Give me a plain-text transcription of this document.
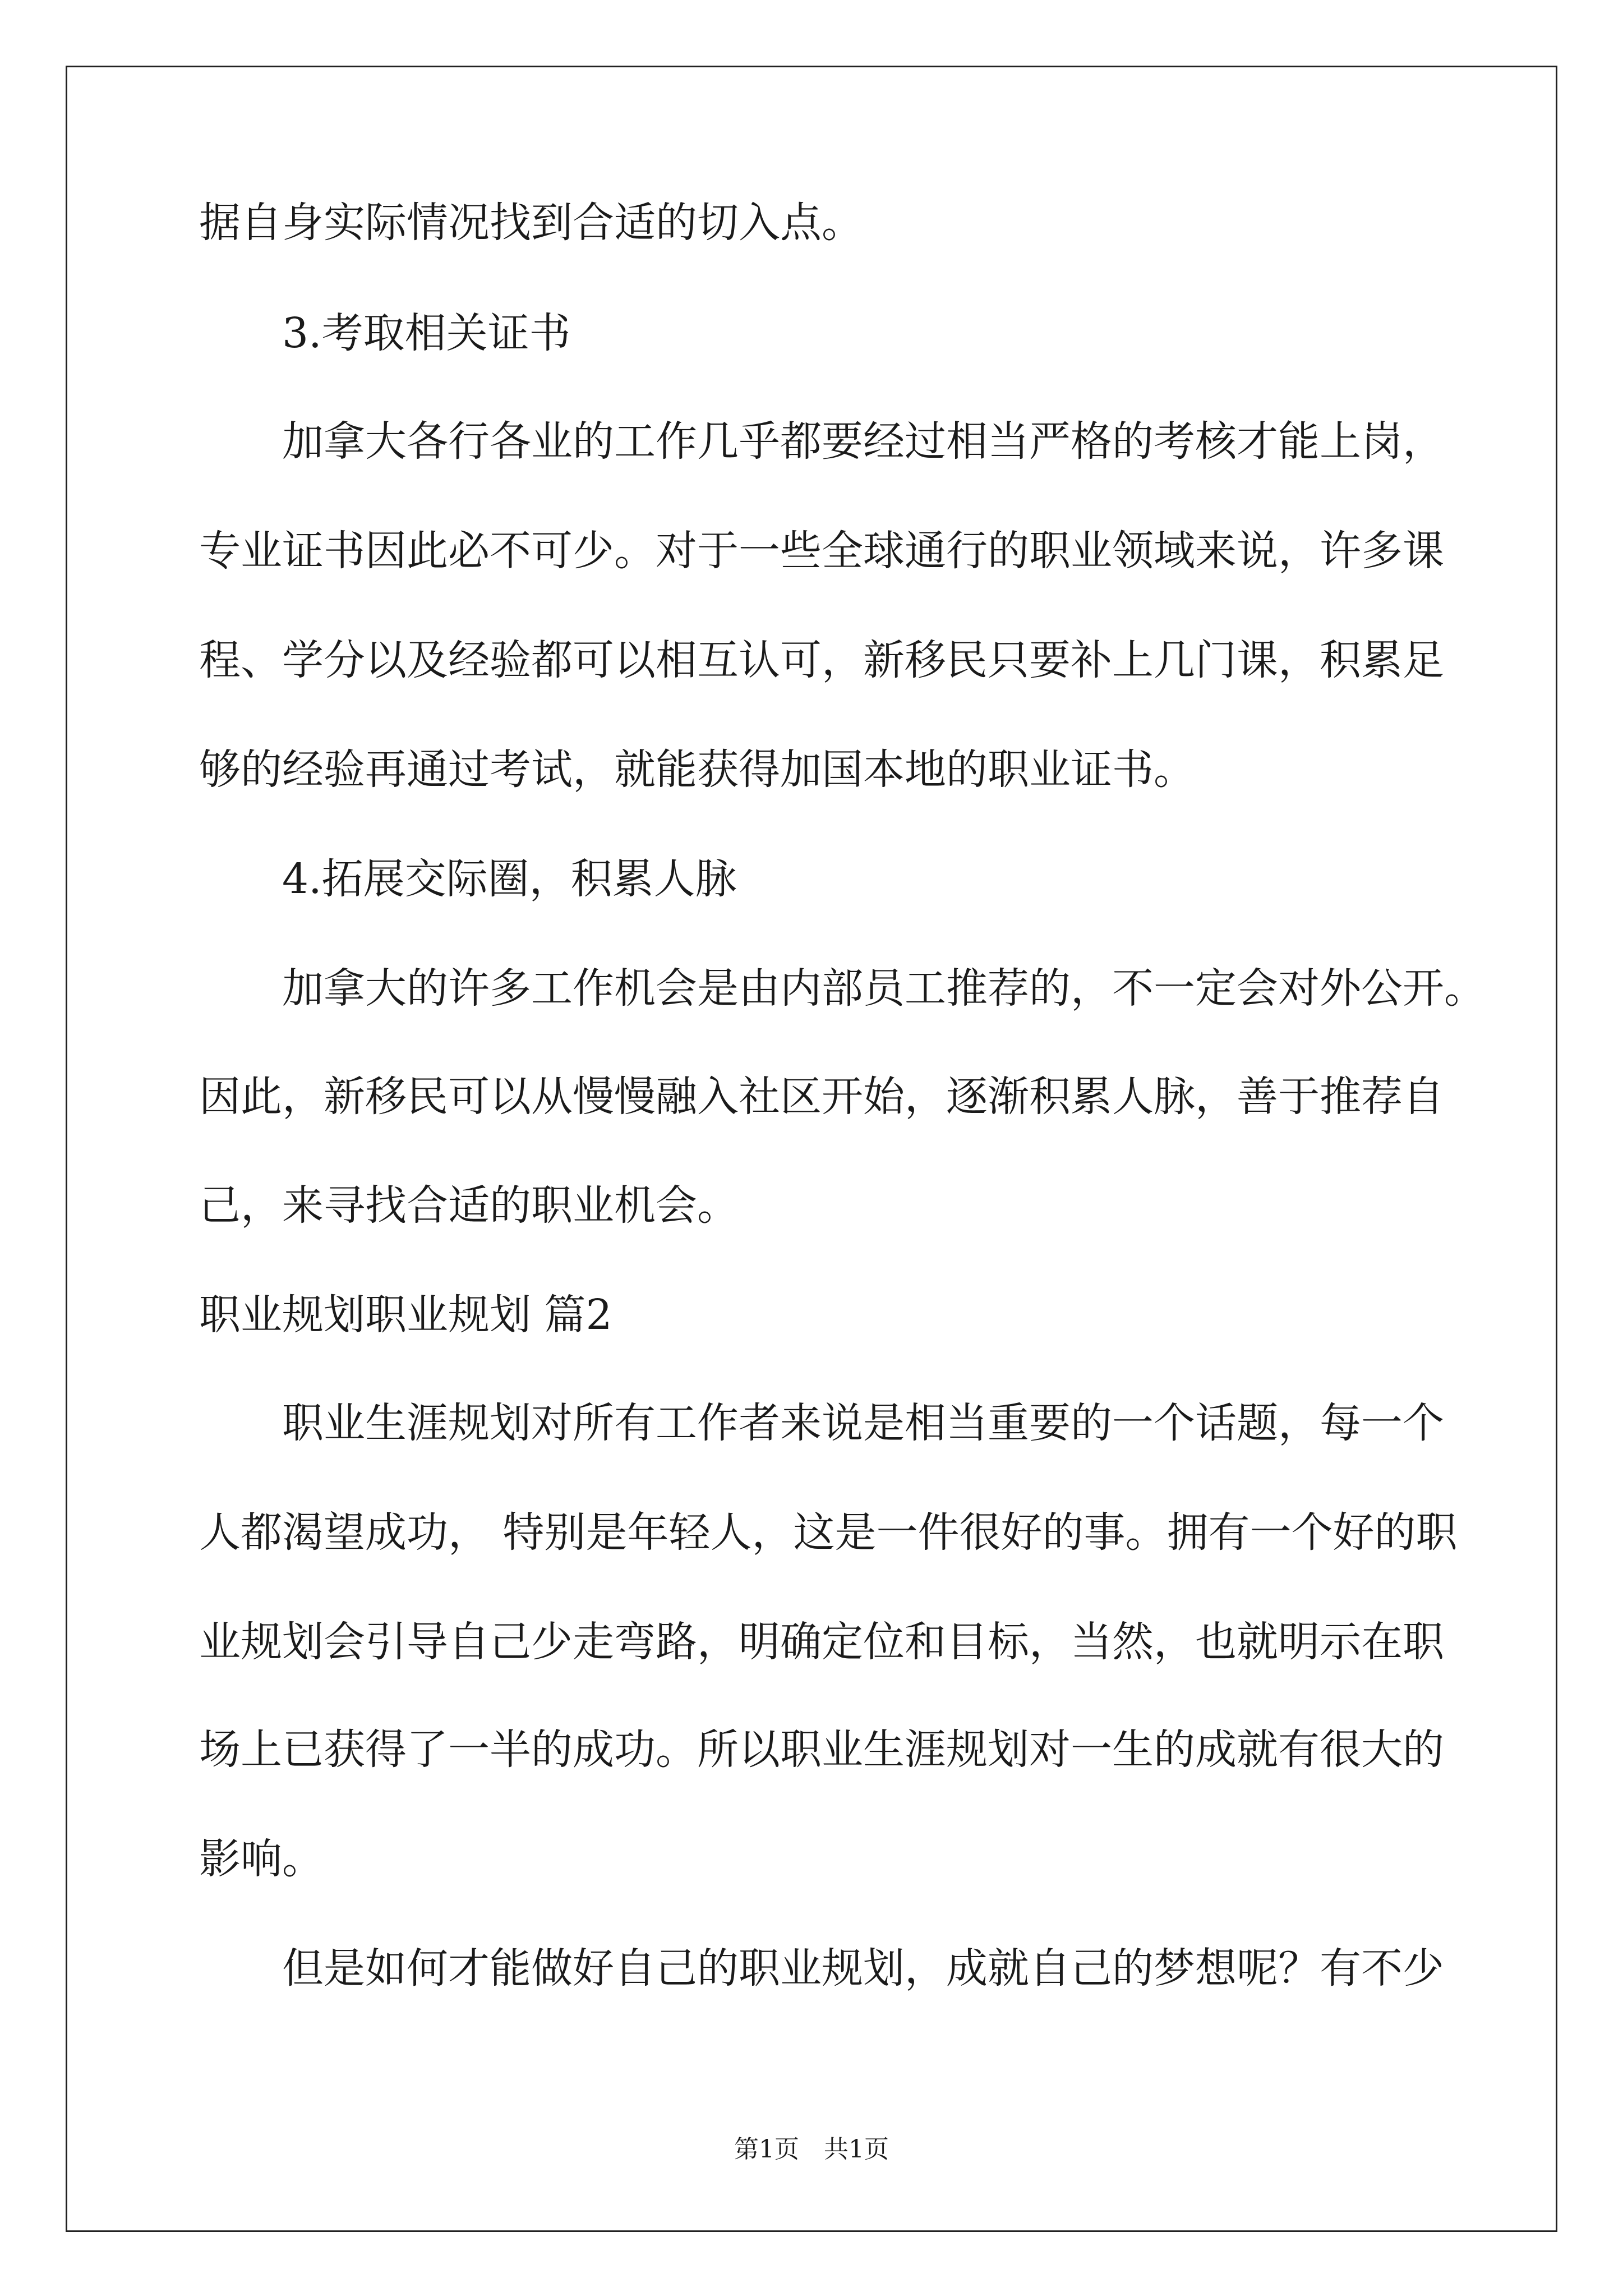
据自身实际情况找到合适的切入点。
3.考取相关证书
加拿大各行各业的工作几乎都要经过相当严格的考核才能上岗，
专业证书因此必不可少。对于一些全球通行的职业领域来说，许多课
程、学分以及经验都可以相互认可，新移民只要补上几门课，积累足
够的经验再通过考试，就能获得加国本地的职业证书。
4.拓展交际圈，积累人脉
加拿大的许多工作机会是由内部员工推荐的，不一定会对外公开。
因此，新移民可以从慢慢融入社区开始，逐渐积累人脉，善于推荐自
己，来寻找合适的职业机会。
职业规划职业规划 篇2
职业生涯规划对所有工作者来说是相当重要的一个话题，每一个
人都渴望成功， 特别是年轻人，这是一件很好的事。拥有一个好的职
业规划会引导自己少走弯路，明确定位和目标，当然，也就明示在职
场上已获得了一半的成功。所以职业生涯规划对一生的成就有很大的
影响。
但是如何才能做好自己的职业规划，成就自己的梦想呢？有不少
第1页 共1页
